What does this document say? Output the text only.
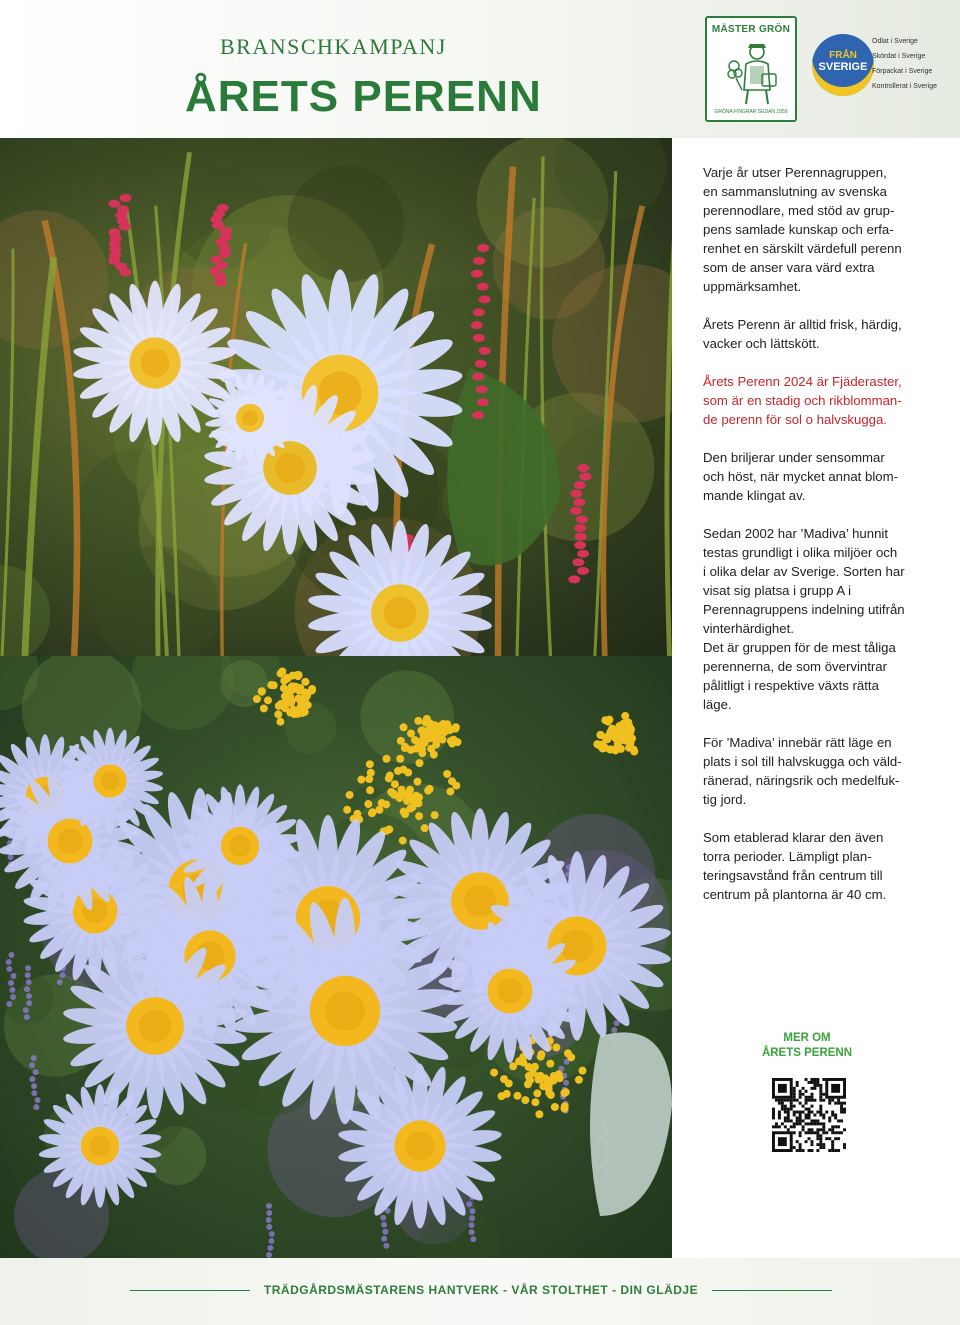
BRANSCHKAMPANJ
ÅRETS PERENN
MÄSTER GRÖN
GRÖNA FINGRAR SEDAN 1959
FRÅN
SVERIGE
Odlat i Sverige
Skördat i Sverige
Förpackat i Sverige
Kontrollerat i Sverige

Varje år utser Perennagruppen,
en sammanslutning av svenska
perennodlare, med stöd av grup-
pens samlade kunskap och erfa-
renhet en särskilt värdefull perenn
som de anser vara värd extra
uppmärksamhet.

Årets Perenn är alltid frisk, härdig,
vacker och lättskött.

Årets Perenn 2024 är Fjäderaster,
som är en stadig och rikblomman-
de perenn för sol o halvskugga.

Den briljerar under sensommar
och höst, när mycket annat blom-
mande klingat av.

Sedan 2002 har ’Madiva’ hunnit
testas grundligt i olika miljöer och
i olika delar av Sverige. Sorten har
visat sig platsa i grupp A i
Perennagruppens indelning utifrån
vinterhärdighet.
Det är gruppen för de mest tåliga
perennerna, de som övervintrar
pålitligt i respektive växts rätta
läge.

För ’Madiva’ innebär rätt läge en
plats i sol till halvskugga och väld-
ränerad, näringsrik och medelfuk-
tig jord.

Som etablerad klarar den även
torra perioder. Lämpligt plan-
teringsavstånd från centrum till
centrum på plantorna är 40 cm.

MER OM
ÅRETS PERENN
TRÄDGÅRDSMÄSTARENS HANTVERK - VÅR STOLTHET - DIN GLÄDJE
